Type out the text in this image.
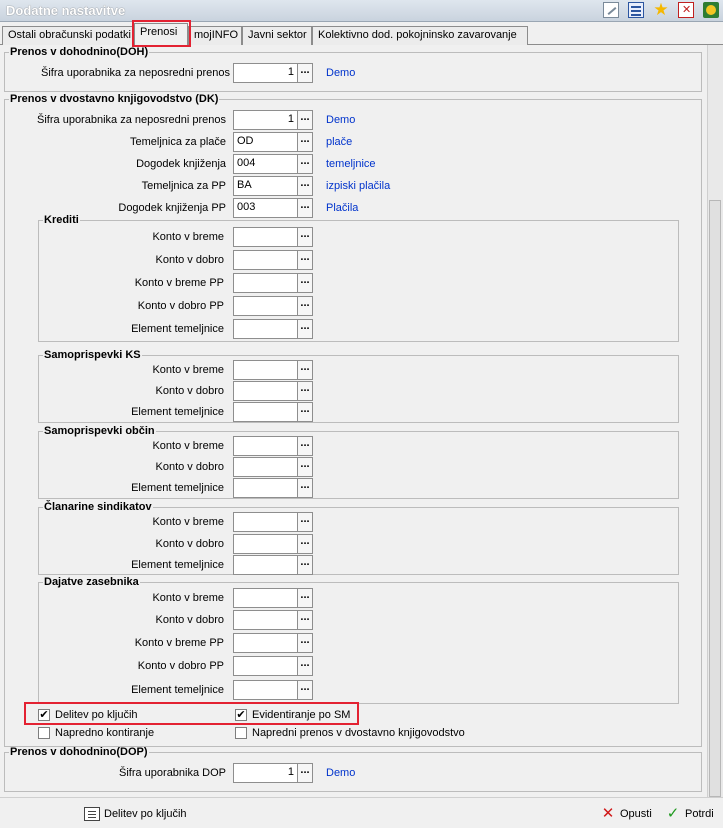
Dodatne nastavitve	★
✕
Ostali obračunski podatki Prenosi	mojINFO Javni sektor	Kolektivno dod. pokojninsko zavarovanje
Prenos v dohodnino(DOH)
Šifra uporabnika za neposredni prenos	1 ...	Demo
Prenos v dvostavno knjigovodstvo (DK)
Šifra uporabnika za neposredni prenos	1 ...	Demo
Temeljnica za plače	OD	...	plače
Dogodek knjiženja	004	...	temeljnice
Temeljnica za PP	BA	...	izpiski plačila
Dogodek knjiženja PP	003	...	Plačila
Krediti
Konto v breme	...
Konto v dobro	...
Konto v breme PP	...
Konto v dobro PP	...
Element temeljnice	...
Samoprispevki KS
Konto v breme	...
Konto v dobro	...
Element temeljnice	...
Samoprispevki občin
Konto v breme	...
Konto v dobro	...
Element temeljnice	...
Članarine sindikatov
Konto v breme	...
Konto v dobro	...
Element temeljnice	...
Dajatve zasebnika
Konto v breme	...
Konto v dobro	...
Konto v breme PP	...
Konto v dobro PP	...
Element temeljnice	...
✔ Delitev po ključih	✔ Evidentiranje po SM
Napredno kontiranje	Napredni prenos v dvostavno knjigovodstvo
Prenos v dohodnino(DOP)
Šifra uporabnika DOP	1 ...	Demo
Delitev po ključih	✕ Opusti ✓ Potrdi
